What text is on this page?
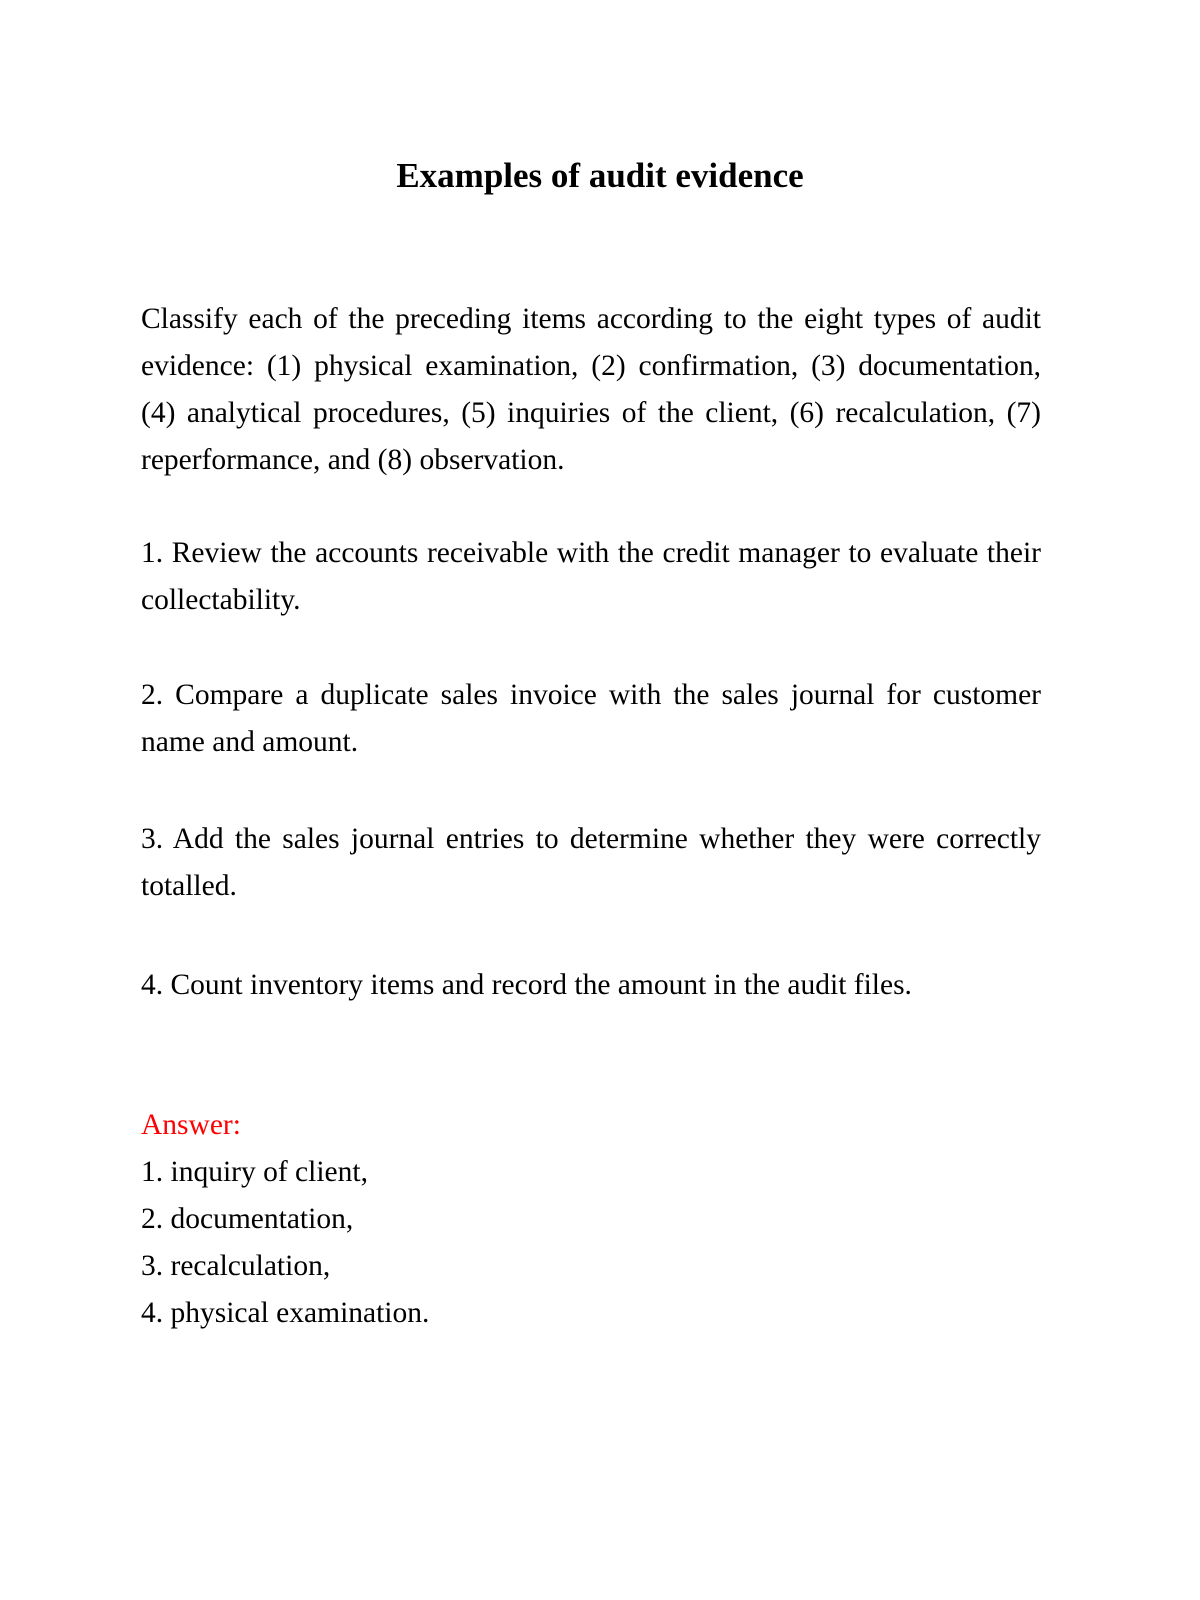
Examples of audit evidence

Classify each of the preceding items according to the eight types of audit evidence: (1) physical examination, (2) confirmation, (3) documentation, (4) analytical procedures, (5) inquiries of the client, (6) recalculation, (7) reperformance, and (8) observation.

1. Review the accounts receivable with the credit manager to evaluate their collectability.

2. Compare a duplicate sales invoice with the sales journal for customer name and amount.

3. Add the sales journal entries to determine whether they were correctly totalled.

4. Count inventory items and record the amount in the audit files.

Answer:
1. inquiry of client,
2. documentation,
3. recalculation,
4. physical examination.
